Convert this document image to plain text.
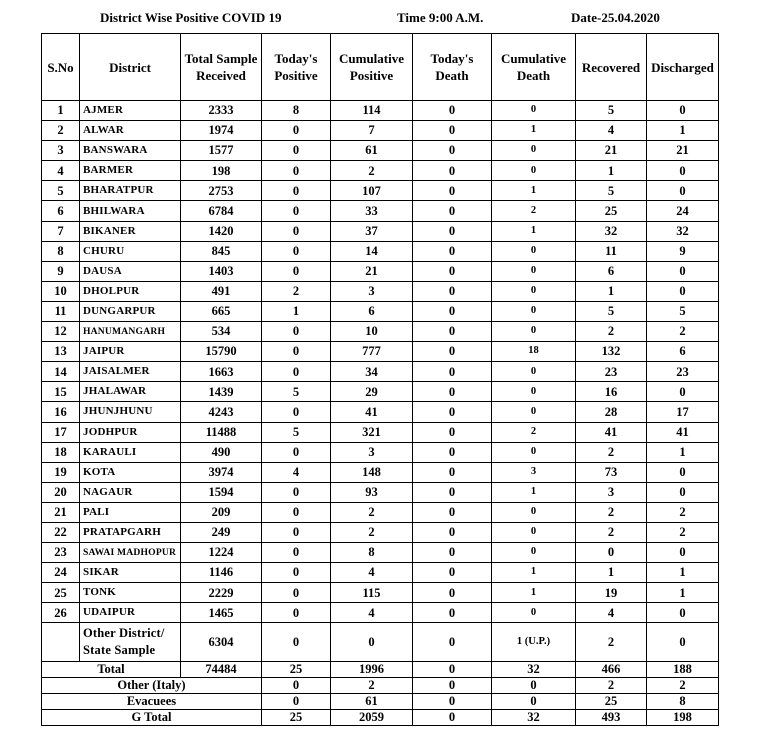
District Wise Positive COVID 19	Time 9:00 A.M.	Date-25.04.2020
S.No	District	Total Sample Received	Today's Positive	Cumulative Positive	Today's Death	Cumulative Death	Recovered	Discharged
1	AJMER	2333	8	114	0	0	5	0
2	ALWAR	1974	0	7	0	1	4	1
3	BANSWARA	1577	0	61	0	0	21	21
4	BARMER	198	0	2	0	0	1	0
5	BHARATPUR	2753	0	107	0	1	5	0
6	BHILWARA	6784	0	33	0	2	25	24
7	BIKANER	1420	0	37	0	1	32	32
8	CHURU	845	0	14	0	0	11	9
9	DAUSA	1403	0	21	0	0	6	0
10	DHOLPUR	491	2	3	0	0	1	0
11	DUNGARPUR	665	1	6	0	0	5	5
12	HANUMANGARH	534	0	10	0	0	2	2
13	JAIPUR	15790	0	777	0	18	132	6
14	JAISALMER	1663	0	34	0	0	23	23
15	JHALAWAR	1439	5	29	0	0	16	0
16	JHUNJHUNU	4243	0	41	0	0	28	17
17	JODHPUR	11488	5	321	0	2	41	41
18	KARAULI	490	0	3	0	0	2	1
19	KOTA	3974	4	148	0	3	73	0
20	NAGAUR	1594	0	93	0	1	3	0
21	PALI	209	0	2	0	0	2	2
22	PRATAPGARH	249	0	2	0	0	2	2
23	SAWAI MADHOPUR	1224	0	8	0	0	0	0
24	SIKAR	1146	0	4	0	1	1	1
25	TONK	2229	0	115	0	1	19	1
26	UDAIPUR	1465	0	4	0	0	4	0
	Other District/ State Sample	6304	0	0	0	1 (U.P.)	2	0
Total		74484	25	1996	0	32	466	188
Other (Italy)			0	2	0	0	2	2
Evacuees			0	61	0	0	25	8
G Total			25	2059	0	32	493	198
